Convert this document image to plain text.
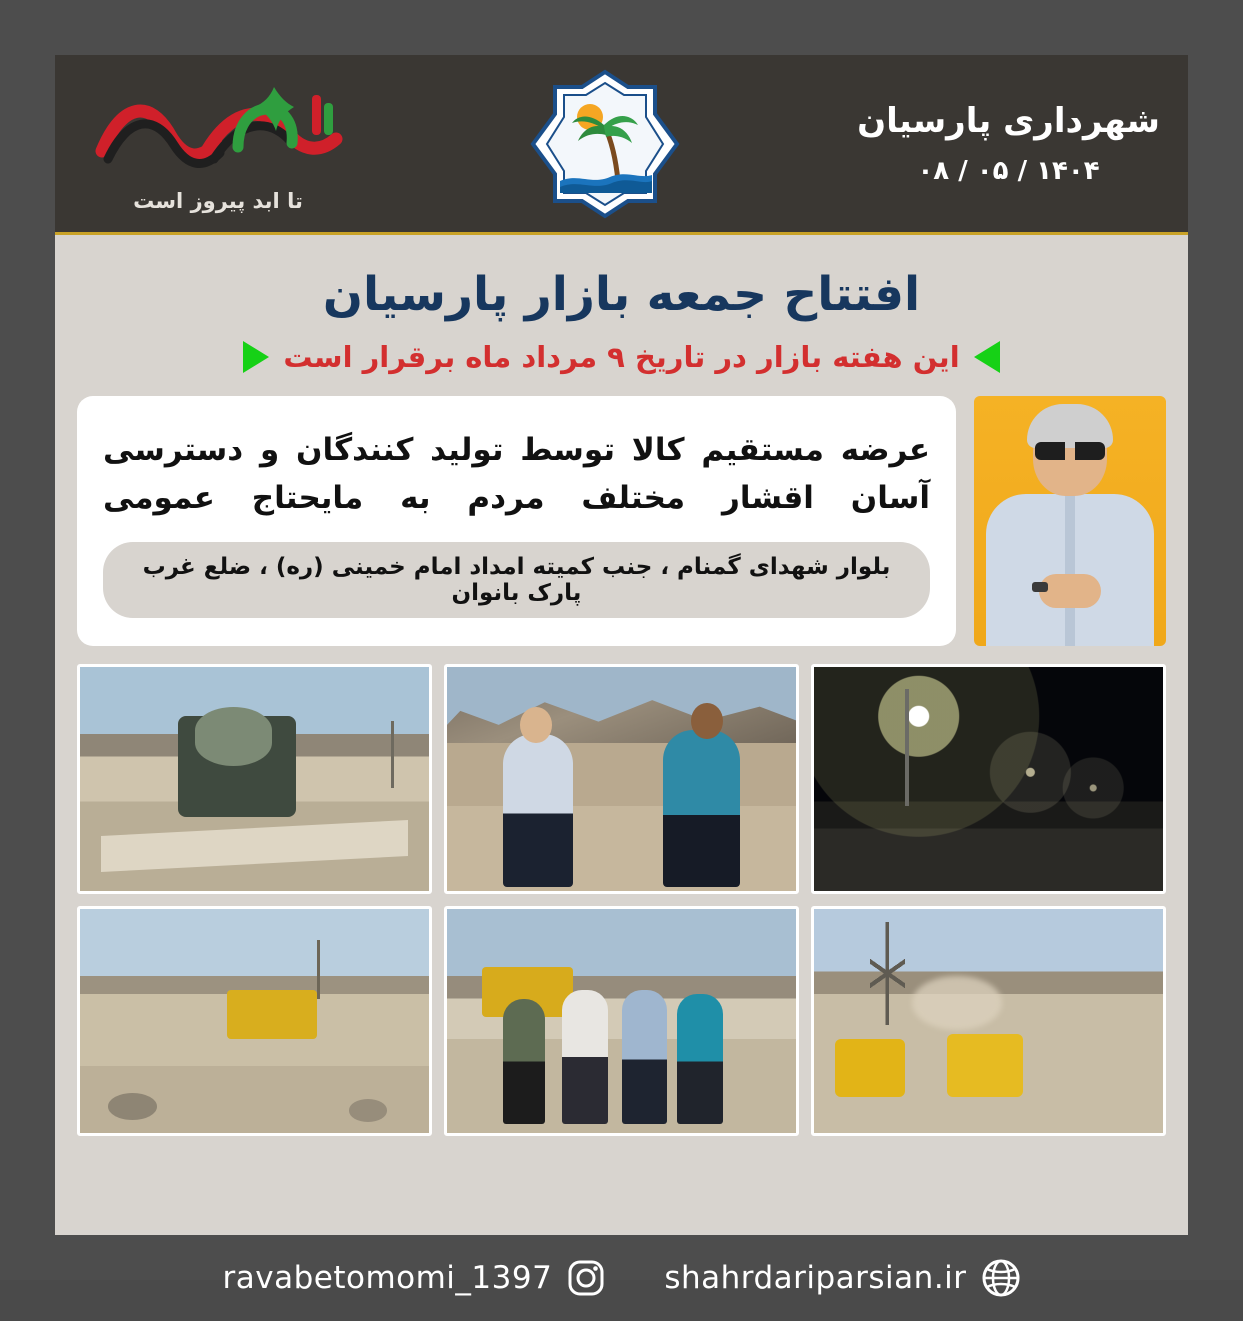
شهرداری پارسیان
۱۴۰۴ / ۰۵ / ۰۸
تا ابد پیروز است
افتتاح جمعه بازار پارسیان
این هفته بازار در تاریخ ۹ مرداد ماه برقرار است
عرضه مستقیم کالا توسط تولید کنندگان و دسترسی آسان اقشار مختلف مردم به مایحتاج عمومی
بلوار شهدای گمنام ، جنب کمیته امداد امام خمینی (ره) ، ضلع غرب پارک بانوان
shahrdariparsian.ir
ravabetomomi_1397
